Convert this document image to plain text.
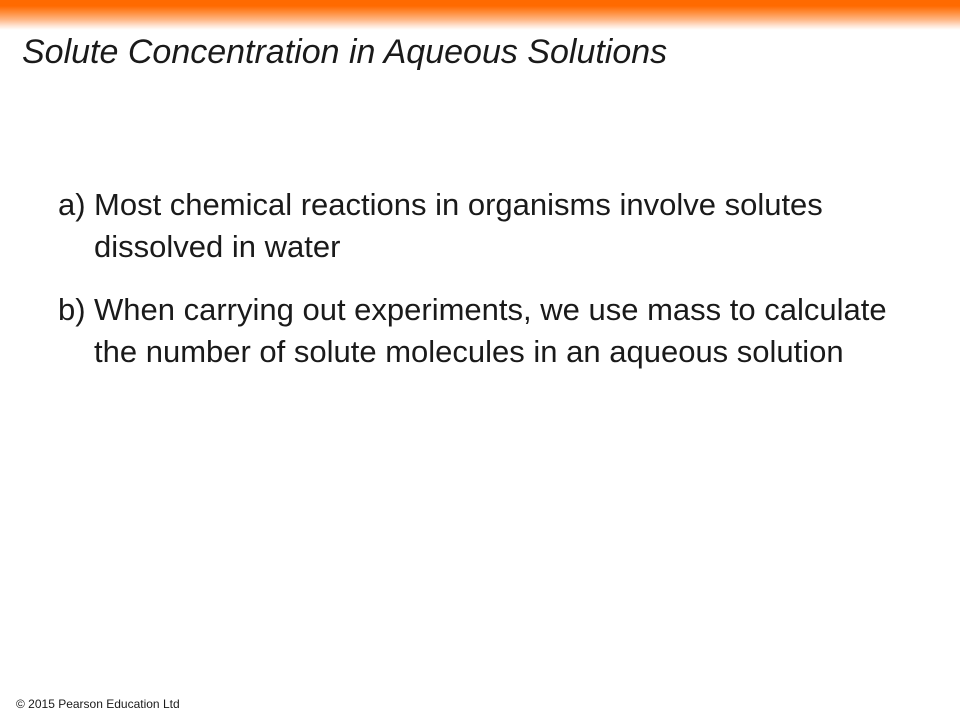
Solute Concentration in Aqueous Solutions
a) Most chemical reactions in organisms involve solutes dissolved in water
b) When carrying out experiments, we use mass to calculate the number of solute molecules in an aqueous solution
© 2015 Pearson Education Ltd
